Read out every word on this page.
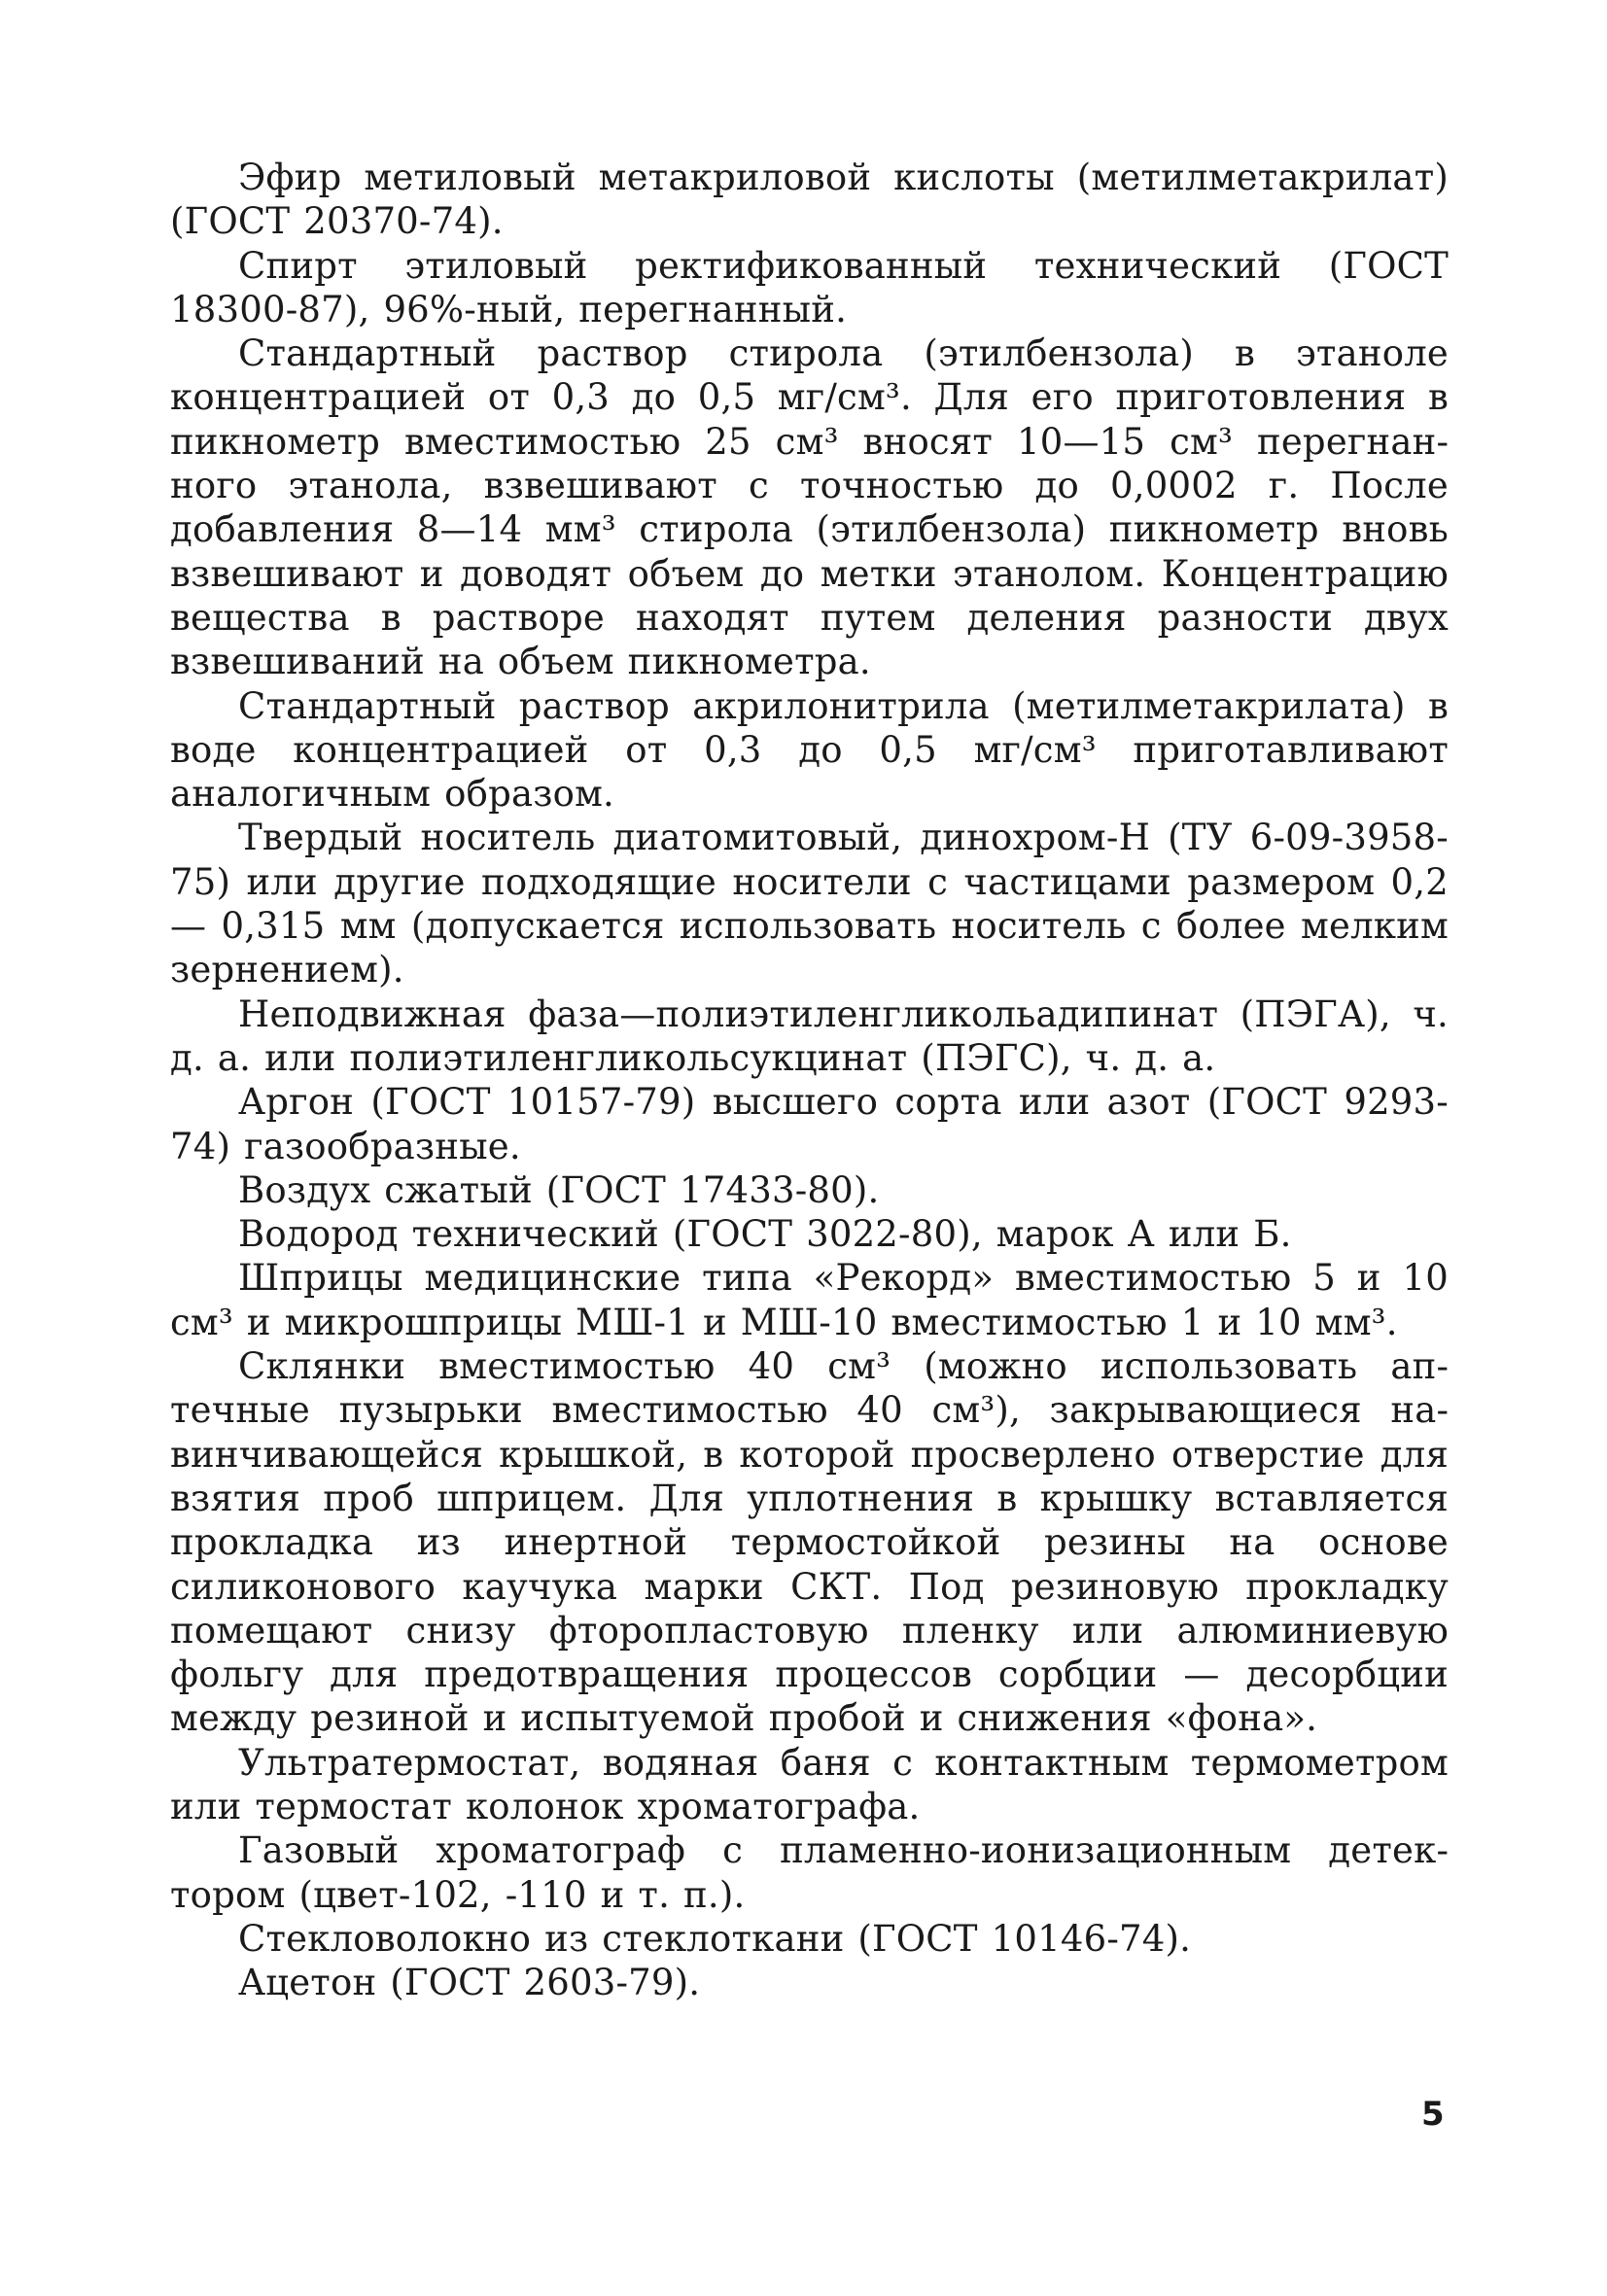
Эфир метиловый метакриловой кислоты (метилметакрилат) (ГОСТ 20370-74).

Спирт этиловый ректификованный технический (ГОСТ 18300-87), 96%-ный, перегнанный.

Стандартный раствор стирола (этилбензола) в этаноле концентрацией от 0,3 до 0,5 мг/см³. Для его приготовления в пикнометр вместимостью 25 см³ вносят 10—15 см³ перегнанного этанола, взвешивают с точностью до 0,0002 г. После добавления 8—14 мм³ стирола (этилбензола) пикнометр вновь взвешивают и доводят объем до метки этанолом. Концентрацию вещества в растворе находят путем деления разности двух взвешиваний на объем пикнометра.

Стандартный раствор акрилонитрила (метилметакрилата) в воде концентрацией от 0,3 до 0,5 мг/см³ приготавливают аналогичным образом.

Твердый носитель диатомитовый, динохром-Н (ТУ 6-09-3958-75) или другие подходящие носители с частицами размером 0,2 — 0,315 мм (допускается использовать носитель с более мелким зернением).

Неподвижная фаза—полиэтиленгликольадипинат (ПЭГА), ч. д. а. или полиэтиленгликольсукцинат (ПЭГС), ч. д. а.

Аргон (ГОСТ 10157-79) высшего сорта или азот (ГОСТ 9293-74) газообразные.

Воздух сжатый (ГОСТ 17433-80).

Водород технический (ГОСТ 3022-80), марок А или Б.

Шприцы медицинские типа «Рекорд» вместимостью 5 и 10 см³ и микрошприцы МШ-1 и МШ-10 вместимостью 1 и 10 мм³.

Склянки вместимостью 40 см³ (можно использовать аптечные пузырьки вместимостью 40 см³), закрывающиеся навинчивающейся крышкой, в которой просверлено отверстие для взятия проб шприцем. Для уплотнения в крышку вставляется прокладка из инертной термостойкой резины на основе силиконового каучука марки СКТ. Под резиновую прокладку помещают снизу фторопластовую пленку или алюминиевую фольгу для предотвращения процессов сорбции — десорбции между резиной и испытуемой пробой и снижения «фона».

Ультратермостат, водяная баня с контактным термометром или термостат колонок хроматографа.

Газовый хроматограф с пламенно-ионизационным детектором (цвет-102, -110 и т. п.).

Стекловолокно из стеклоткани (ГОСТ 10146-74).

Ацетон (ГОСТ 2603-79).

5
